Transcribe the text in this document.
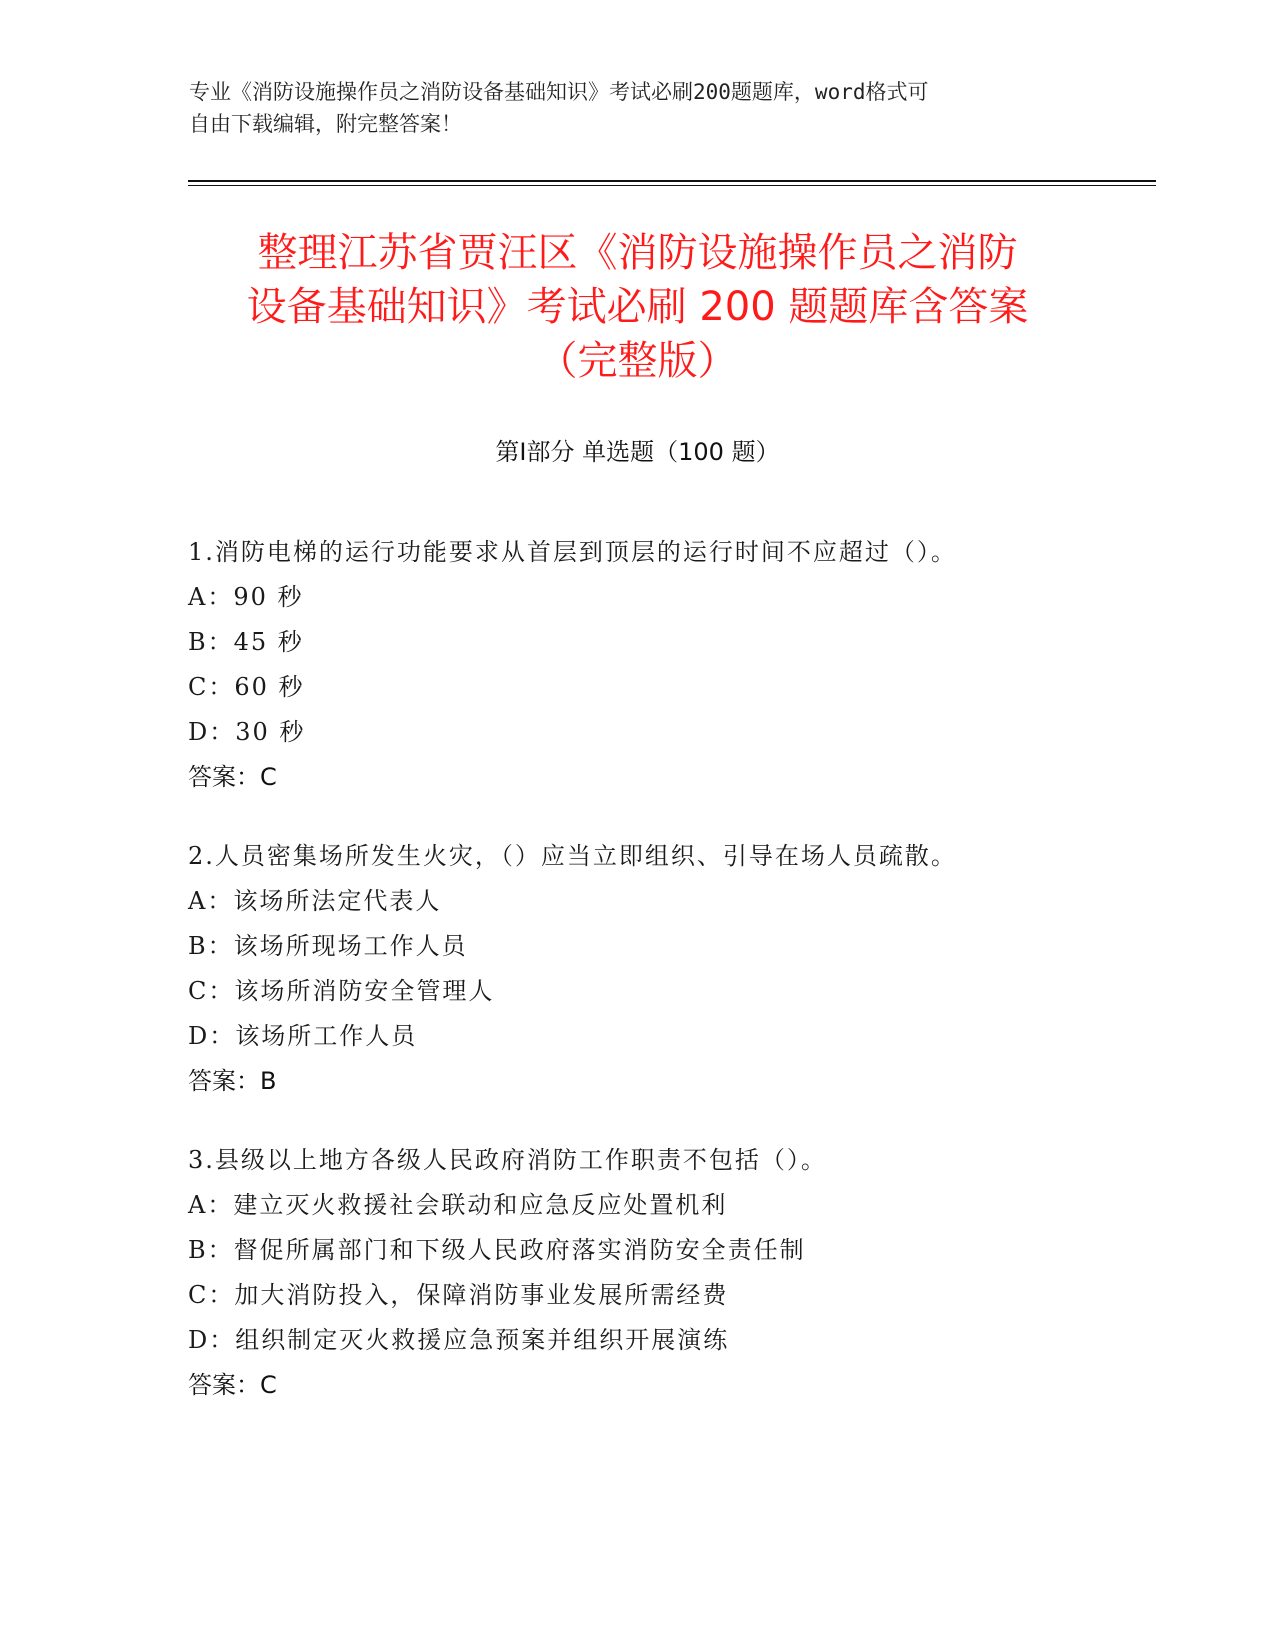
专业《消防设施操作员之消防设备基础知识》考试必刷200题题库，word格式可
自由下载编辑，附完整答案！
整理江苏省贾汪区《消防设施操作员之消防
设备基础知识》考试必刷 200 题题库含答案
（完整版）
第Ⅰ部分 单选题（100 题）
1.消防电梯的运行功能要求从首层到顶层的运行时间不应超过（）。
A：90 秒
B：45 秒
C：60 秒
D：30 秒
答案：C
2.人员密集场所发生火灾，（）应当立即组织、引导在场人员疏散。
A：该场所法定代表人
B：该场所现场工作人员
C：该场所消防安全管理人
D：该场所工作人员
答案：B
3.县级以上地方各级人民政府消防工作职责不包括（）。
A：建立灭火救援社会联动和应急反应处置机利
B：督促所属部门和下级人民政府落实消防安全责任制
C：加大消防投入，保障消防事业发展所需经费
D：组织制定灭火救援应急预案并组织开展演练
答案：C
